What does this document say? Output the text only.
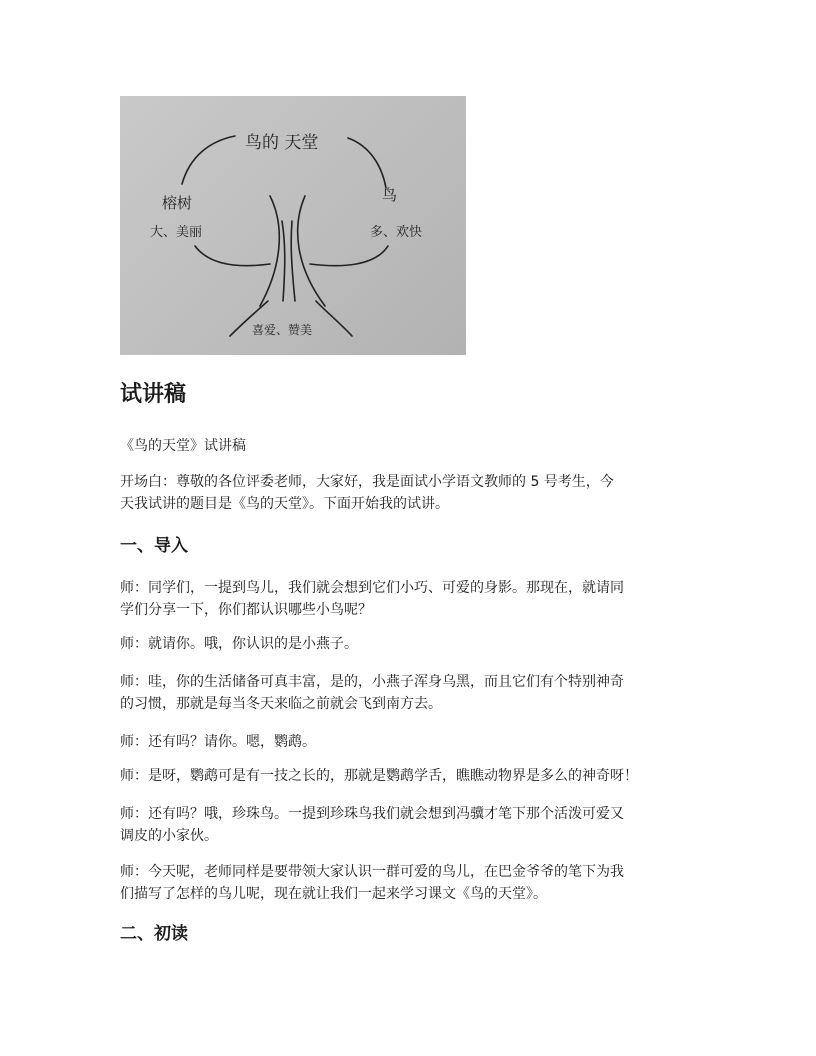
鸟的 天堂
榕树
大、美丽
鸟
多、欢快
喜爱、赞美
试讲稿

《鸟的天堂》试讲稿

开场白：尊敬的各位评委老师，大家好，我是面试小学语文教师的 5 号考生，今

天我试讲的题目是《鸟的天堂》。下面开始我的试讲。

一、导入

师：同学们，一提到鸟儿，我们就会想到它们小巧、可爱的身影。那现在，就请同

学们分享一下，你们都认识哪些小鸟呢？

师：就请你。哦，你认识的是小燕子。

师：哇，你的生活储备可真丰富，是的，小燕子浑身乌黑，而且它们有个特别神奇

的习惯，那就是每当冬天来临之前就会飞到南方去。

师：还有吗？请你。嗯，鹦鹉。

师：是呀，鹦鹉可是有一技之长的，那就是鹦鹉学舌，瞧瞧动物界是多么的神奇呀！

师：还有吗？哦，珍珠鸟。一提到珍珠鸟我们就会想到冯骥才笔下那个活泼可爱又

调皮的小家伙。

师：今天呢，老师同样是要带领大家认识一群可爱的鸟儿，在巴金爷爷的笔下为我

们描写了怎样的鸟儿呢，现在就让我们一起来学习课文《鸟的天堂》。

二、初读
